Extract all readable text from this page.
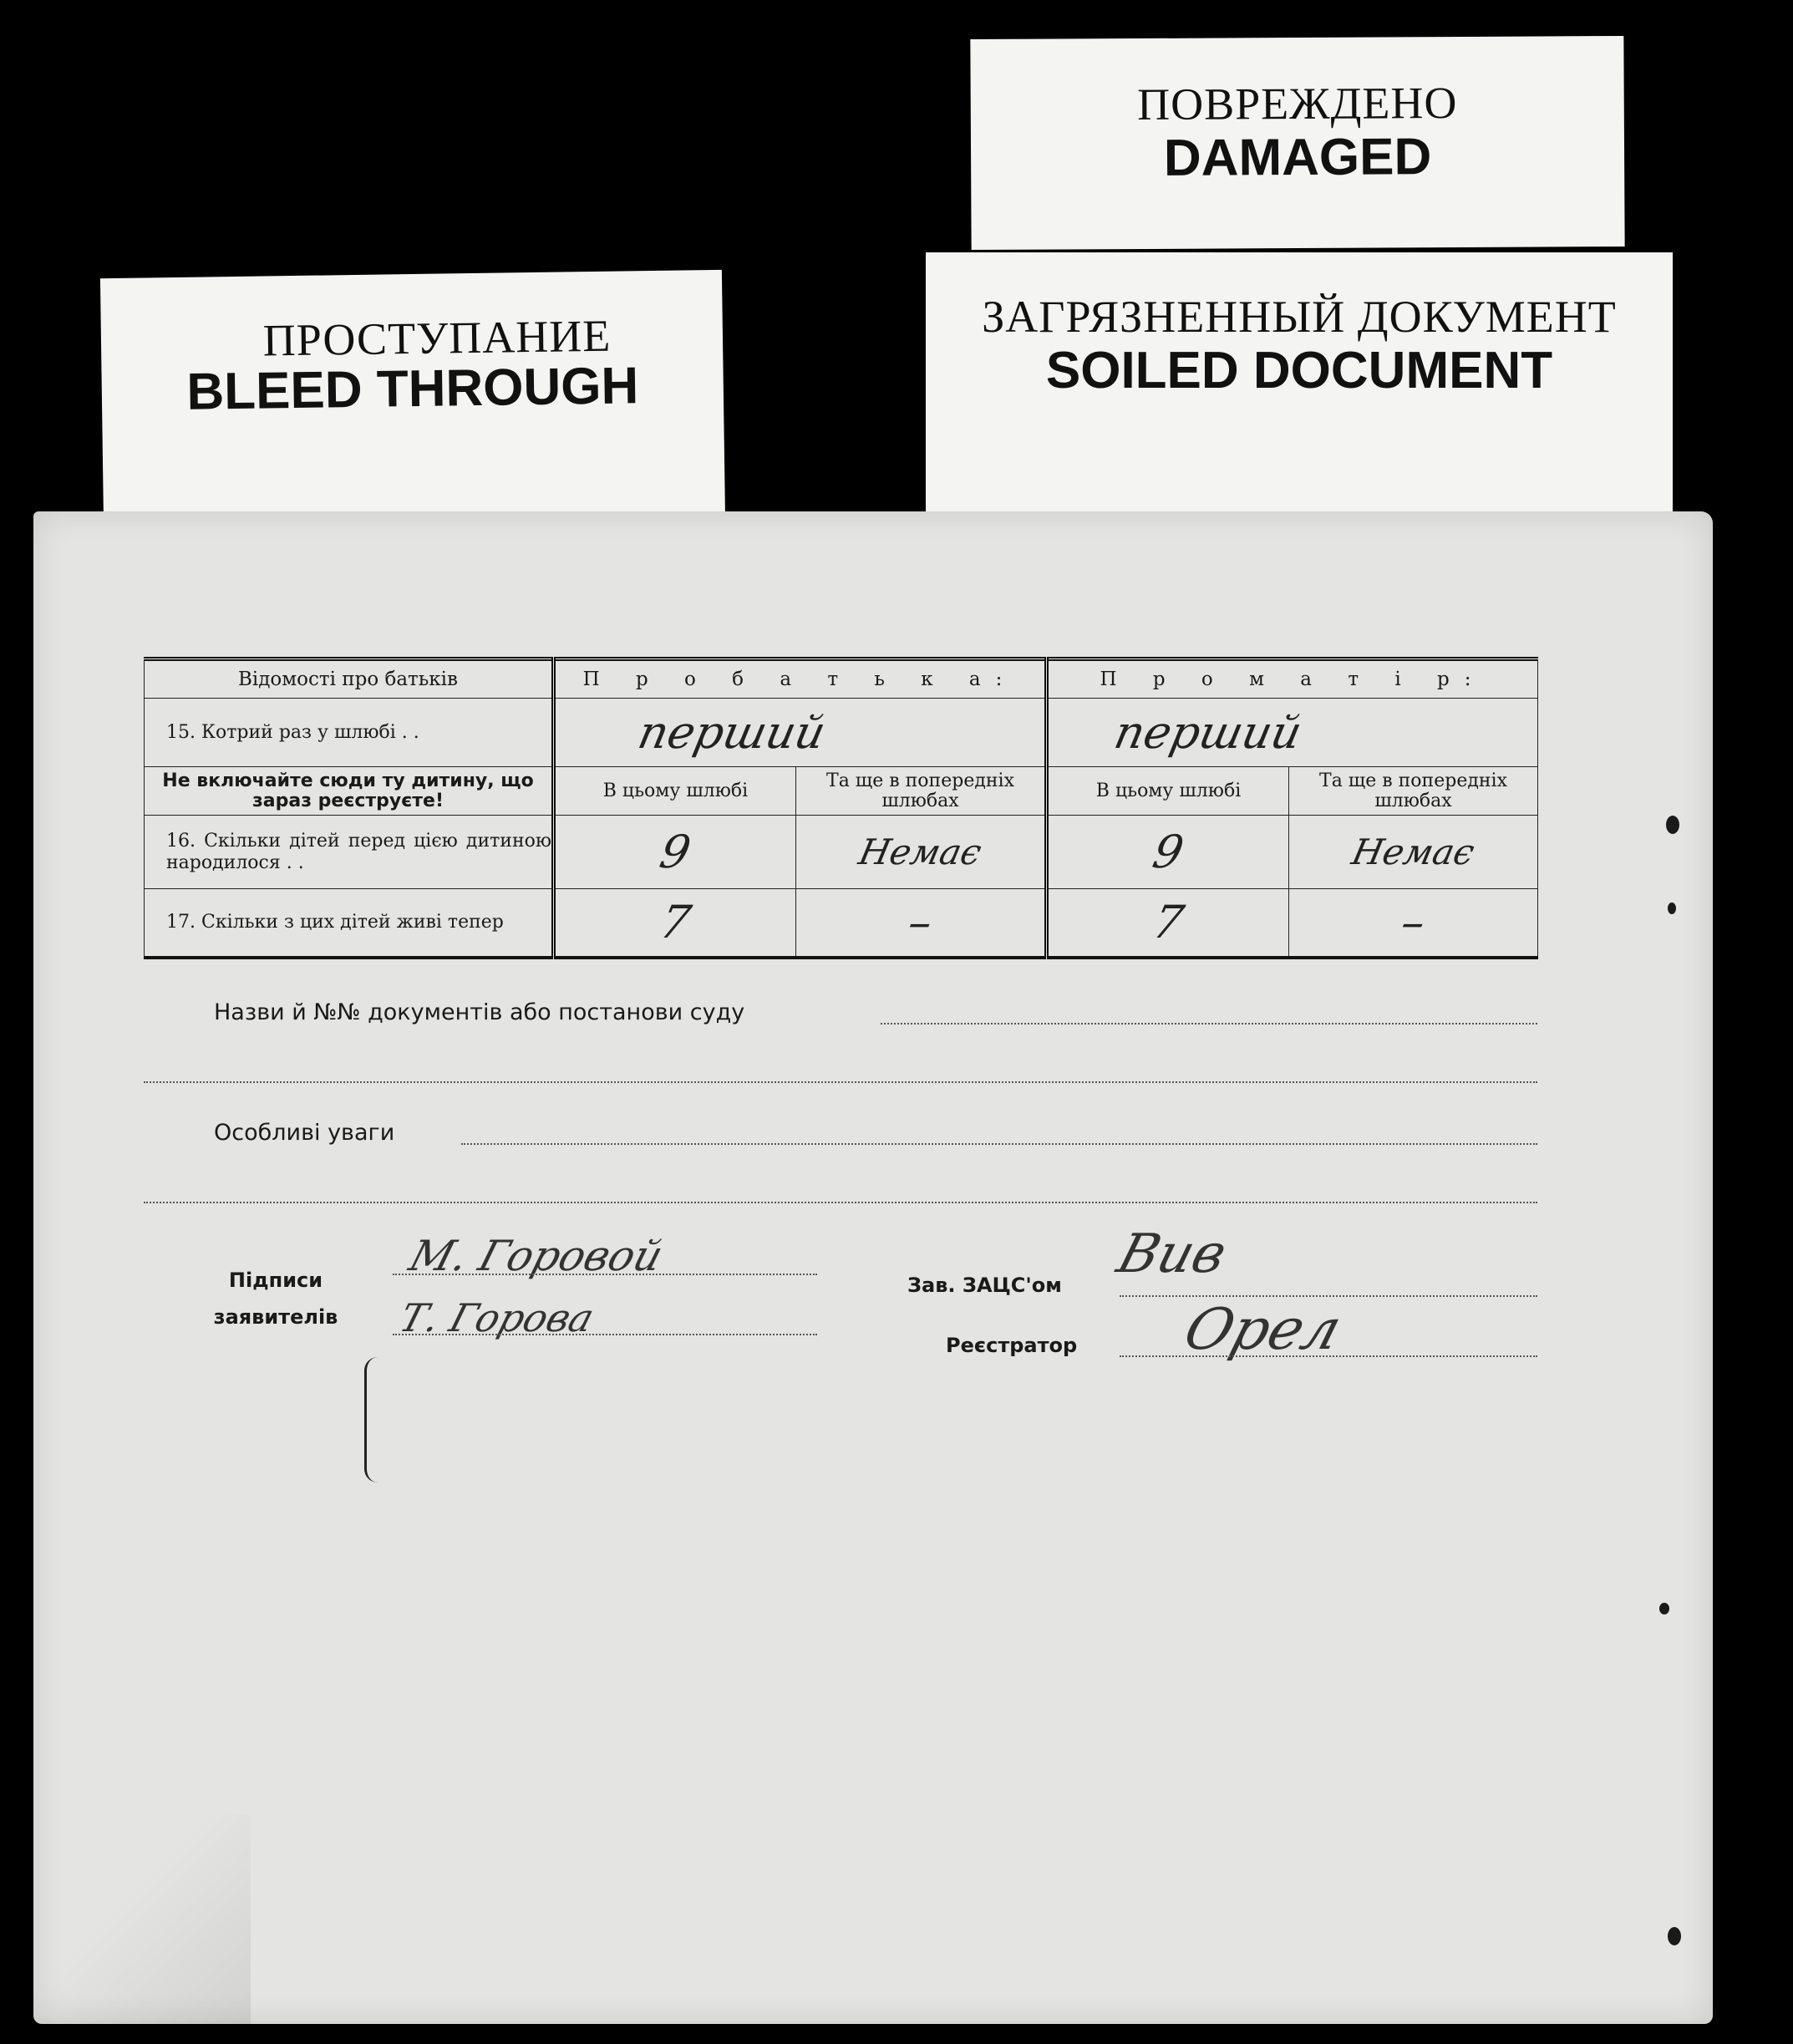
ПОВРЕЖДЕНО
DAMAGED
ПРОСТУПАНИЕ
BLEED THROUGH
ЗАГРЯЗНЕННЫЙ ДОКУМЕНТ
SOILED DOCUMENT
Відомості про батьків	П р о б а т ь к а:		П р о м а т і р:	
15. Котрий раз у шлюбі . .	перший		перший	
Не включайте сюди ту дитину, що зараз реєструєте!	В цьому шлюбі	Та ще в попередніх шлюбах	В цьому шлюбі	Та ще в попередніх шлюбах
16. Скільки дітей перед цією дитиною народилося . .	9	Немає	9	Немає
17. Скільки з цих дітей живі тепер	7	–	7	–
Назви й №№ документів або постанови суду
Особливі уваги
Підписи заявителів
М. Горовой
Т. Горова
Зав. ЗАЦС'ом Вив
Реєстратор	Орел
